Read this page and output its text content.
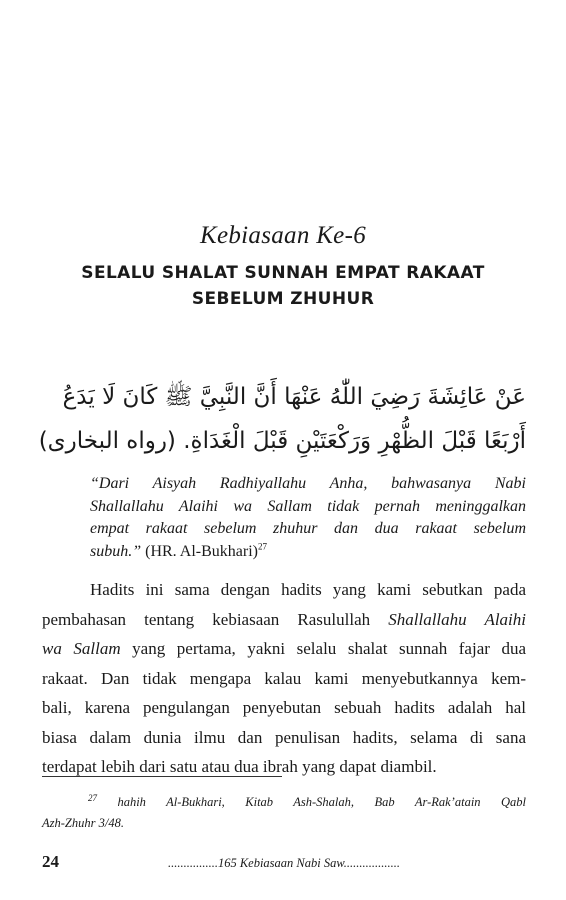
Kebiasaan Ke-6
SELALU SHALAT SUNNAH EMPAT RAKAAT
SEBELUM ZHUHUR
عَنْ عَائِشَةَ رَضِيَ اللّٰهُ عَنْهَا أَنَّ النَّبِيَّ ﷺ كَانَ لَا يَدَعُ
أَرْبَعًا قَبْلَ الظُّهْرِ وَرَكْعَتَيْنِ قَبْلَ الْغَدَاةِ. (رواه البخارى)
“Dari Aisyah Radhiyallahu Anha, bahwasanya Nabi
Shallallahu Alaihi wa Sallam tidak pernah meninggalkan
empat rakaat sebelum zhuhur dan dua rakaat sebelum
subuh.” (HR. Al-Bukhari)$^{27}$
Hadits ini sama dengan hadits yang kami sebutkan pada
pembahasan tentang kebiasaan Rasulullah Shallallahu Alaihi
wa Sallam yang pertama, yakni selalu shalat sunnah fajar dua
rakaat. Dan tidak mengapa kalau kami menyebutkannya kem-
bali, karena pengulangan penyebutan sebuah hadits adalah hal
biasa dalam dunia ilmu dan penulisan hadits, selama di sana
terdapat lebih dari satu atau dua ibrah yang dapat diambil.
$^{27}$ hahih Al-Bukhari, Kitab Ash-Shalah, Bab Ar-Rak’atain Qabl
Azh-Zhuhr 3/48.
24	................165 Kebiasaan Nabi Saw..................
